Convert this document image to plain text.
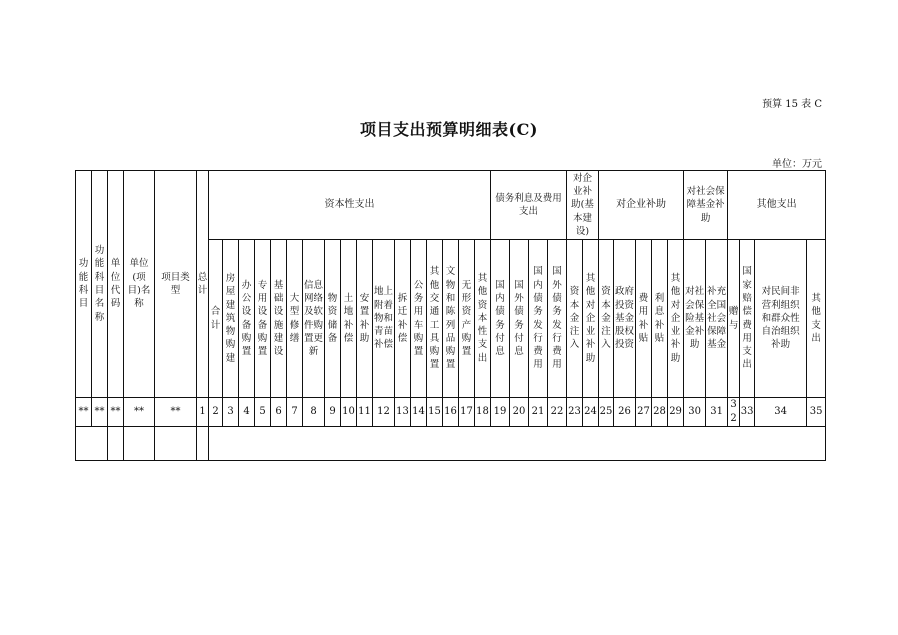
预算 15 表 C
项目支出预算明细表(C)
单位：万元
功能科目	功能科目名称	单位代码	单位(项目)名称	项目类型	总计	资本性支出																	债务利息及费用支出				对企业补助(基本建设)		对企业补助					对社会保障基金补助		其他支出			
						合计	房屋建筑物购建	办公设备购置	专用设备购置	基础设施建设	大型修缮	信息网络及软件购置更新	物资储备	土地补偿	安置补助	地上附着物和青苗补偿	拆迁补偿	公务用车购置	其他交通工具购置	文物和陈列品购置	无形资产购置	其他资本性支出	国内债务付息	国外债务付息	国内债务发行费用	国外债务发行费用	资本金注入	其他对企业补助	资本金注入	政府投资基金股权投资	费用补贴	利息补贴	其他对企业补助	对社会保险基金补助	补充全国社会保障基金	赠与	国家赔偿费用支出	对民间非营利组织和群众性自治组织补助	其他支出
**	**	**	**	**	1	2	3	4	5	6	7	8	9	10	11	12	13	14	15	16	17	18	19	20	21	22	23	24	25	26	27	28	29	30	31	32	33	34	35
